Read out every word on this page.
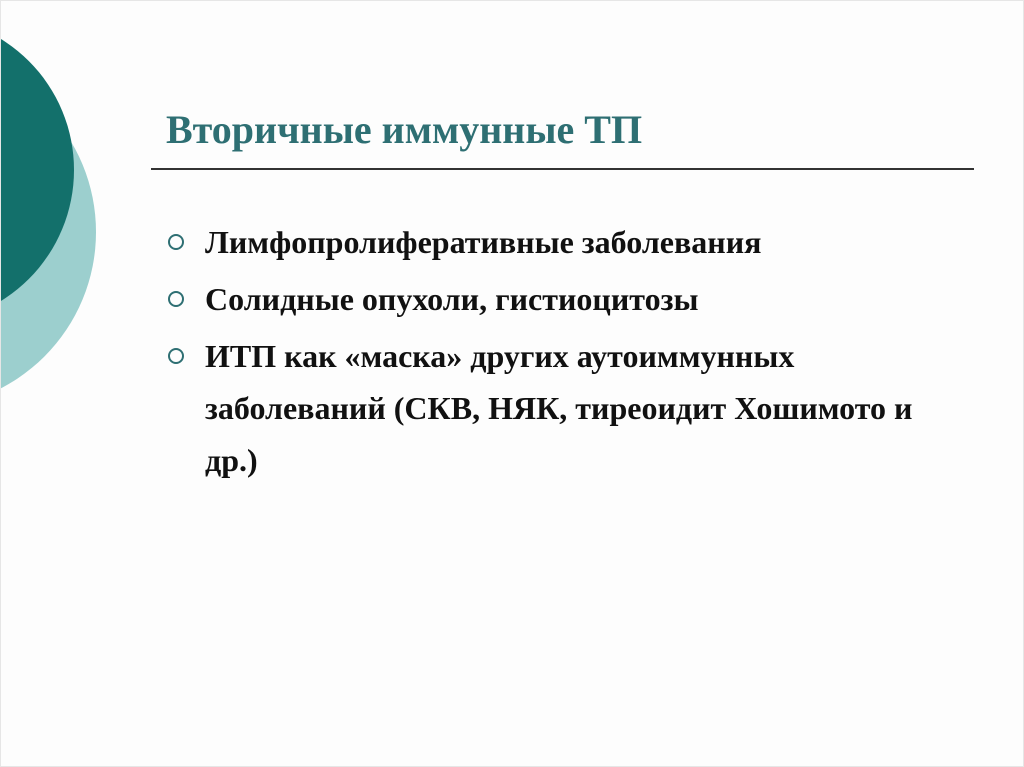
Вторичные иммунные ТП
Лимфопролиферативные заболевания
Солидные опухоли, гистиоцитозы
ИТП как «маска» других аутоиммунных заболеваний (СКВ, НЯК, тиреоидит Хошимото и др.)
